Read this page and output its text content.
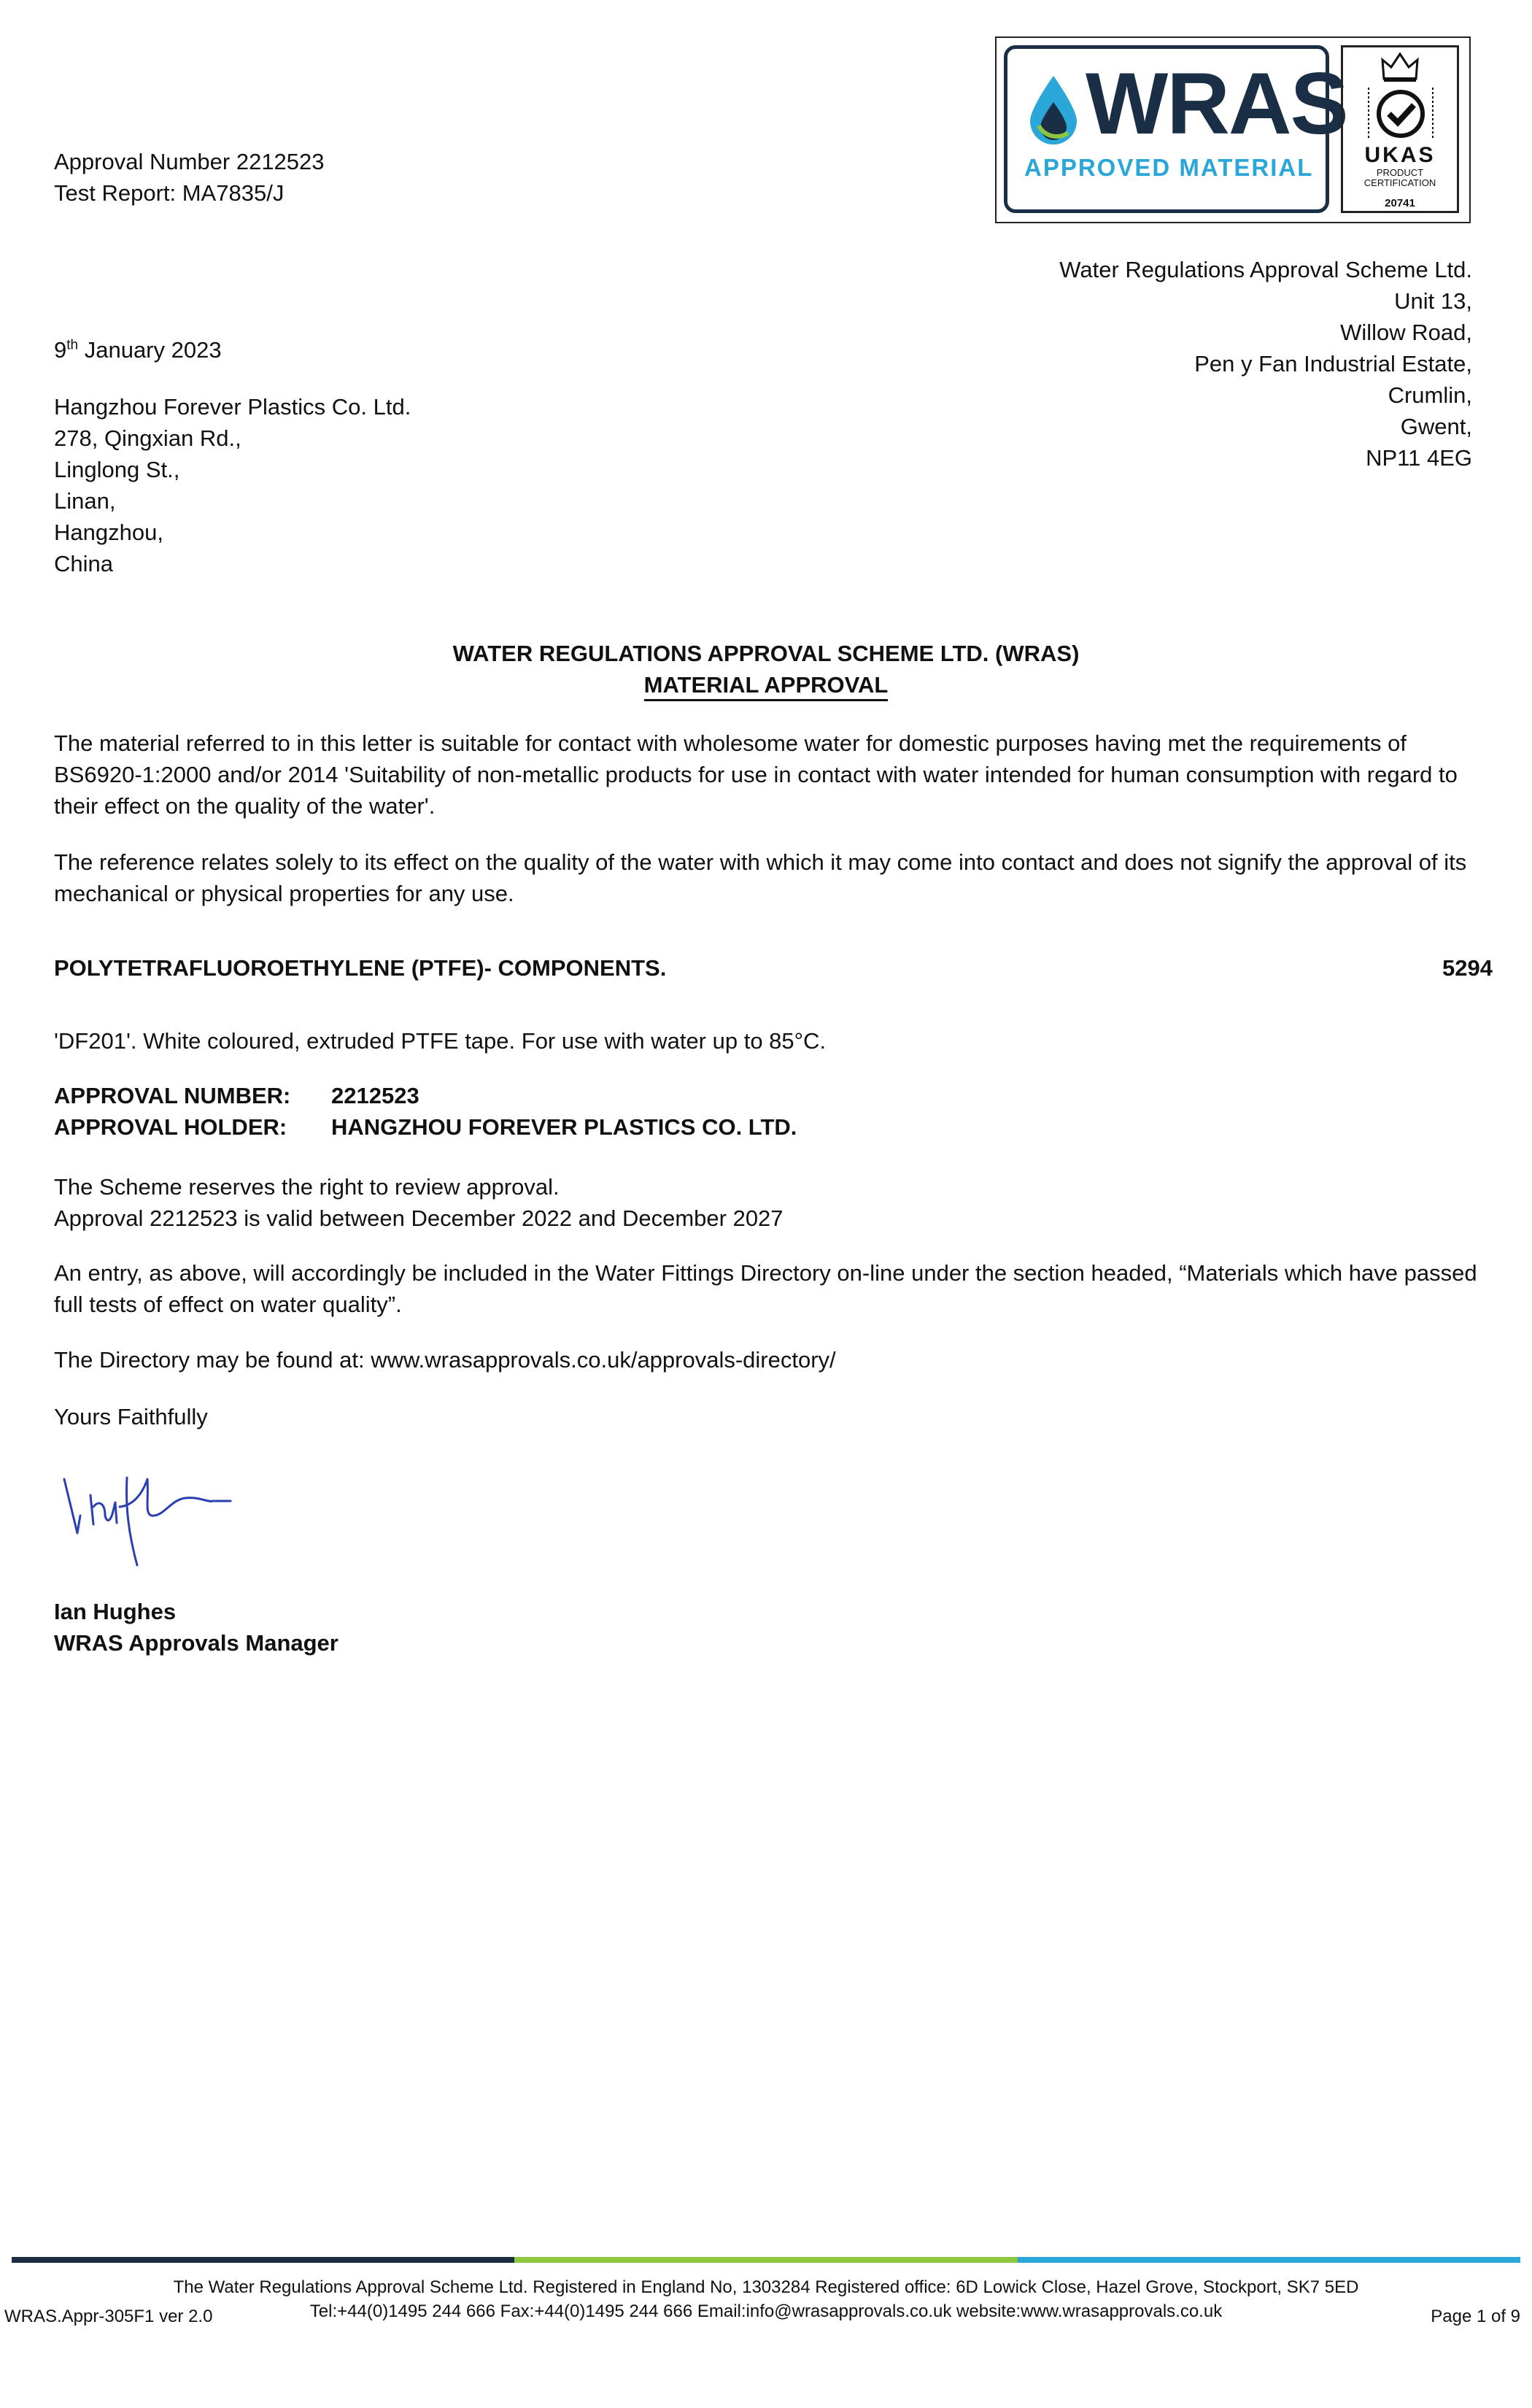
Approval Number 2212523
Test Report: MA7835/J
WRAS
APPROVED MATERIAL	UKAS
PRODUCT
CERTIFICATION
20741
Water Regulations Approval Scheme Ltd.
Unit 13,
Willow Road,
Pen y Fan Industrial Estate,
Crumlin,
Gwent,
NP11 4EG
9th January 2023
Hangzhou Forever Plastics Co. Ltd.
278, Qingxian Rd.,
Linglong St.,
Linan,
Hangzhou,
China
WATER REGULATIONS APPROVAL SCHEME LTD. (WRAS)
MATERIAL APPROVAL
The material referred to in this letter is suitable for contact with wholesome water for domestic purposes having met the requirements of BS6920-1:2000 and/or 2014 'Suitability of non-metallic products for use in contact with water intended for human consumption with regard to their effect on the quality of the water'.
The reference relates solely to its effect on the quality of the water with which it may come into contact and does not signify the approval of its mechanical or physical properties for any use.
POLYTETRAFLUOROETHYLENE (PTFE)- COMPONENTS.	5294
'DF201'. White coloured, extruded PTFE tape. For use with water up to 85°C.
APPROVAL NUMBER: 2212523
APPROVAL HOLDER: HANGZHOU FOREVER PLASTICS CO. LTD.
The Scheme reserves the right to review approval.
Approval 2212523 is valid between December 2022 and December 2027
An entry, as above, will accordingly be included in the Water Fittings Directory on-line under the section headed, “Materials which have passed full tests of effect on water quality”.
The Directory may be found at: www.wrasapprovals.co.uk/approvals-directory/
Yours Faithfully
Ian Hughes
WRAS Approvals Manager
The Water Regulations Approval Scheme Ltd. Registered in England No, 1303284 Registered office: 6D Lowick Close, Hazel Grove, Stockport, SK7 5ED
Tel:+44(0)1495 244 666 Fax:+44(0)1495 244 666 Email:info@wrasapprovals.co.uk website:www.wrasapprovals.co.uk
WRAS.Appr-305F1 ver 2.0	Page 1 of 9
